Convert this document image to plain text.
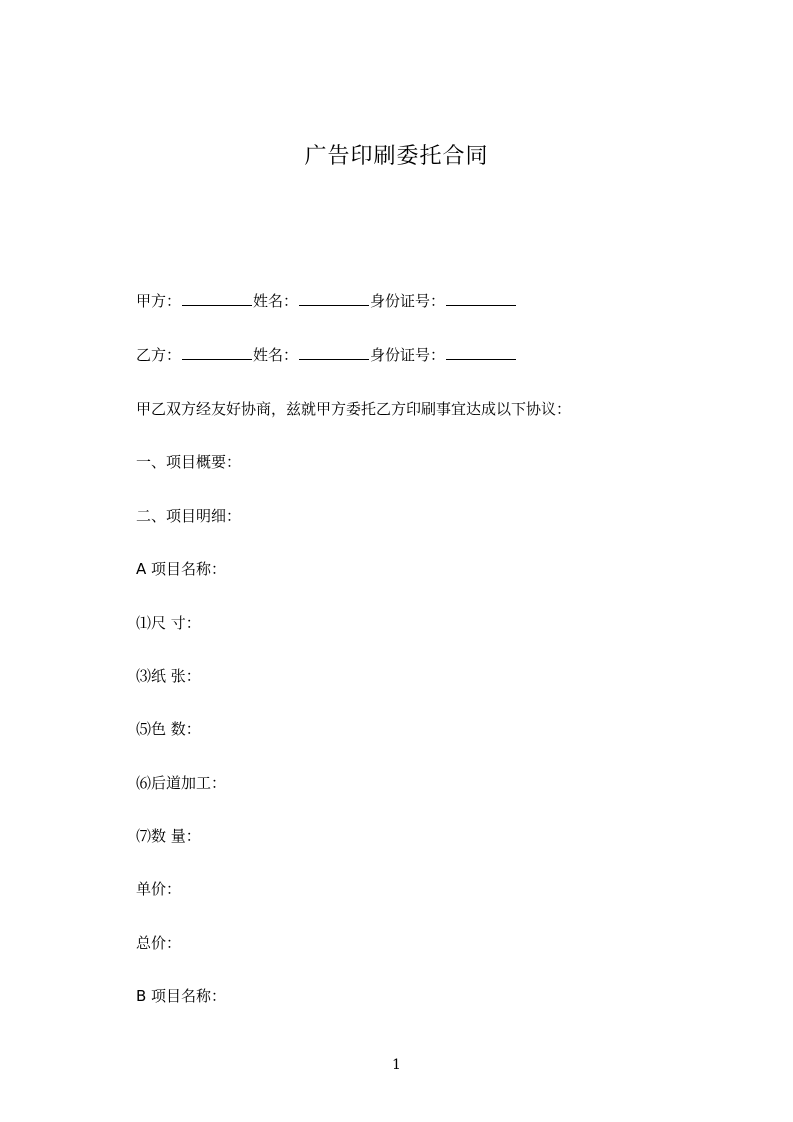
广告印刷委托合同
甲方：	姓名：	身份证号：
乙方：	姓名：	身份证号：
甲乙双方经友好协商，兹就甲方委托乙方印刷事宜达成以下协议：
一、项目概要：
二、项目明细：
A 项目名称：
⑴尺 寸：
⑶纸 张：
⑸色 数：
⑹后道加工：
⑺数 量：
单价：
总价：
B 项目名称：
1
